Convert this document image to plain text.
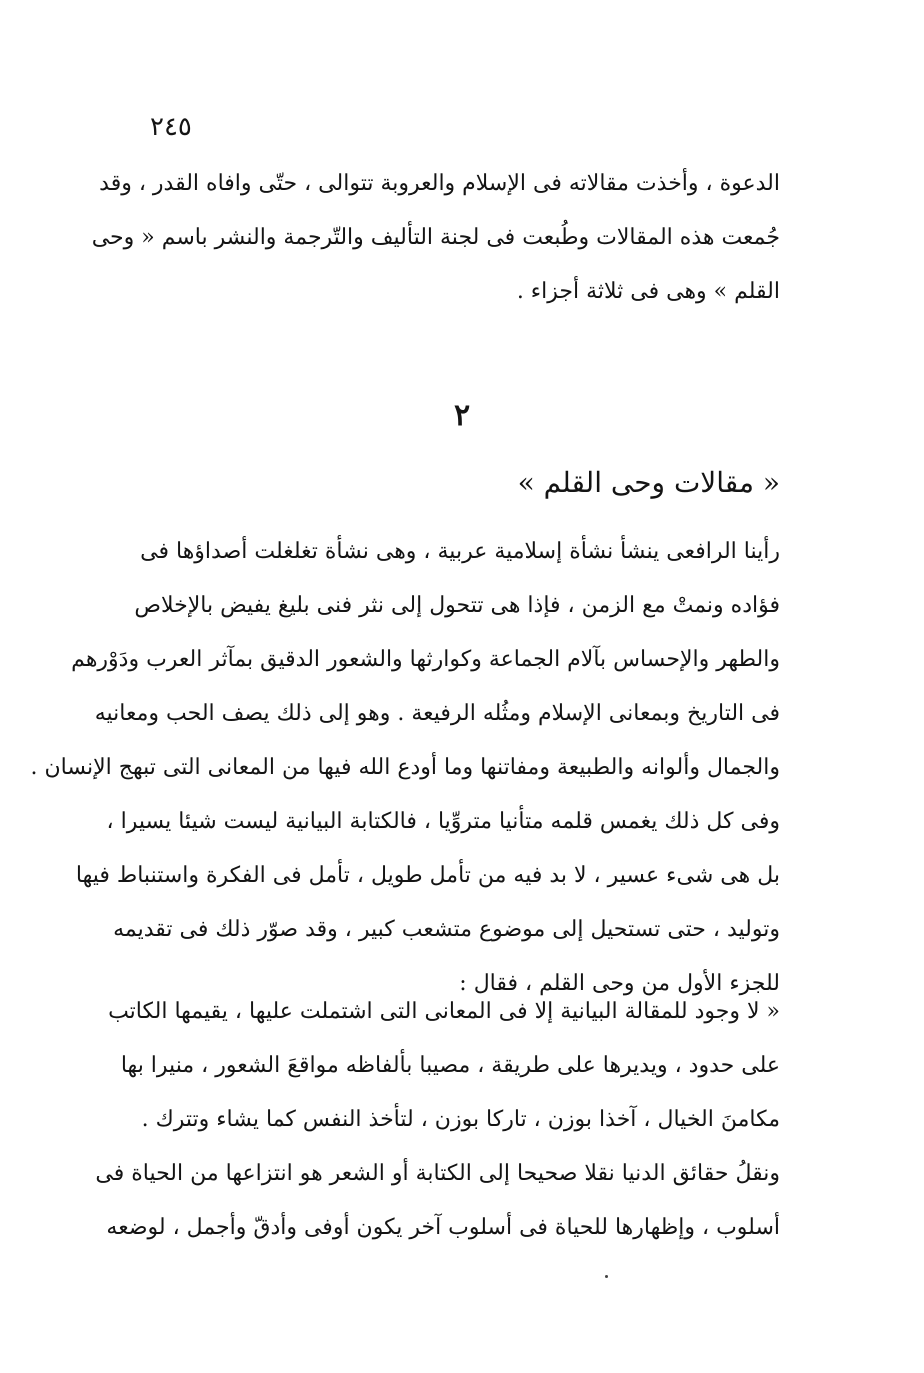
٢٤٥
الدعوة ، وأخذت مقالاته فى الإسلام والعروبة تتوالى ، حتّى وافاه القدر ، وقد
جُمعت هذه المقالات وطُبعت فى لجنة التأليف والتّرجمة والنشر باسم « وحى
القلم » وهى فى ثلاثة أجزاء .
٢
« مقالات وحى القلم »
رأينا الرافعى ينشأ نشأة إسلامية عربية ، وهى نشأة تغلغلت أصداؤها فى
فؤاده ونمتْ مع الزمن ، فإذا هى تتحول إلى نثر فنى بليغ يفيض بالإخلاص
والطهر والإحساس بآلام الجماعة وكوارثها والشعور الدقيق بمآثر العرب ودَوْرهم
فى التاريخ وبمعانى الإسلام ومثُله الرفيعة . وهو إلى ذلك يصف الحب ومعانيه
والجمال وألوانه والطبيعة ومفاتنها وما أودع الله فيها من المعانى التى تبهج الإنسان .
وفى كل ذلك يغمس قلمه متأنيا متروِّيا ، فالكتابة البيانية ليست شيئا يسيرا ،
بل هى شىء عسير ، لا بد فيه من تأمل طويل ، تأمل فى الفكرة واستنباط فيها
وتوليد ، حتى تستحيل إلى موضوع متشعب كبير ، وقد صوّر ذلك فى تقديمه
للجزء الأول من وحى القلم ، فقال :
« لا وجود للمقالة البيانية إلا فى المعانى التى اشتملت عليها ، يقيمها الكاتب
على حدود ، ويديرها على طريقة ، مصيبا بألفاظه مواقعَ الشعور ، منيرا بها
مكامنَ الخيال ، آخذا بوزن ، تاركا بوزن ، لتأخذ النفس كما يشاء وتترك .
ونقلُ حقائق الدنيا نقلا صحيحا إلى الكتابة أو الشعر هو انتزاعها من الحياة فى
أسلوب ، وإظهارها للحياة فى أسلوب آخر يكون أوفى وأدقّ وأجمل ، لوضعه
